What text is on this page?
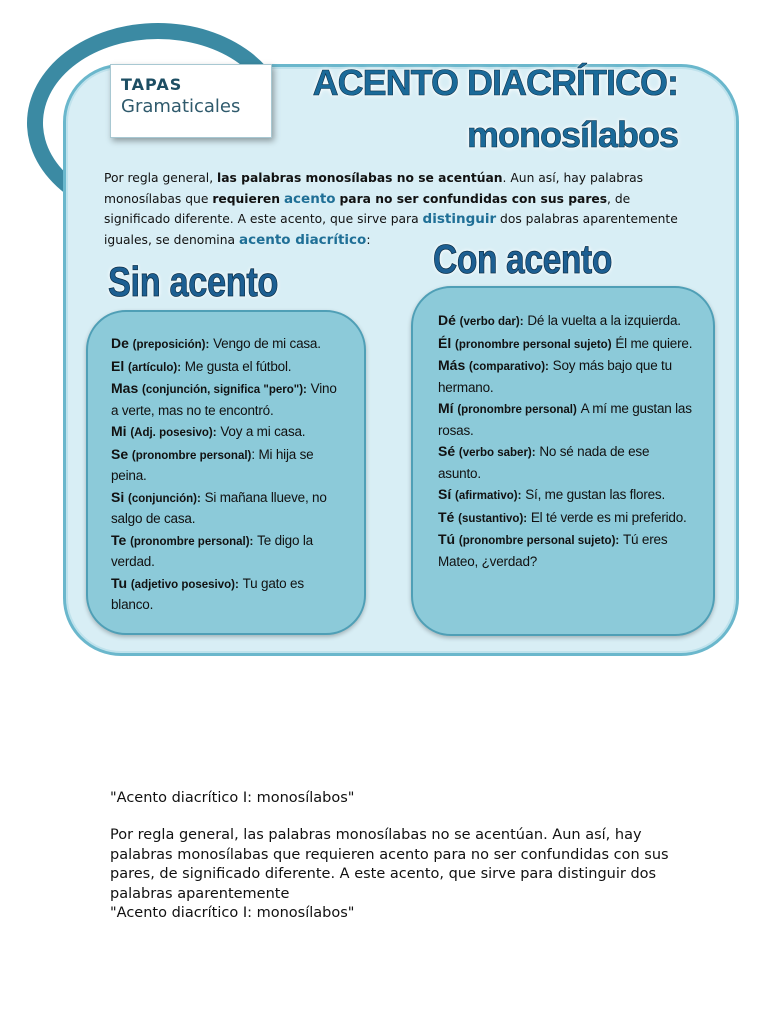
TAPAS
Gramaticales
ACENTO DIACRÍTICO:
monosílabos
Por regla general, las palabras monosílabas no se acentúan. Aun así, hay palabras monosílabas que requieren acento para no ser confundidas con sus pares, de significado diferente. A este acento, que sirve para distinguir dos palabras aparentemente iguales, se denomina acento diacrítico:
Sin acento	Con acento
De (preposición): Vengo de mi casa.
El (artículo): Me gusta el fútbol.
Mas (conjunción, significa "pero"): Vino a verte, mas no te encontró.
Mi (Adj. posesivo): Voy a mi casa.
Se (pronombre personal): Mi hija se peina.
Si (conjunción): Si mañana llueve, no salgo de casa.
Te (pronombre personal): Te digo la verdad.
Tu (adjetivo posesivo): Tu gato es blanco.
Dé (verbo dar): Dé la vuelta a la izquierda.
Él (pronombre personal sujeto) Él me quiere.
Más (comparativo): Soy más bajo que tu hermano.
Mí (pronombre personal) A mí me gustan las rosas.
Sé (verbo saber): No sé nada de ese asunto.
Sí (afirmativo): Sí, me gustan las flores.
Té (sustantivo): El té verde es mi preferido.
Tú (pronombre personal sujeto): Tú eres Mateo, ¿verdad?
"Acento diacrítico I: monosílabos"
Por regla general, las palabras monosílabas no se acentúan. Aun así, hay palabras monosílabas que requieren acento para no ser confundidas con sus pares, de significado diferente. A este acento, que sirve para distinguir dos palabras aparentemente
"Acento diacrítico I: monosílabos"
